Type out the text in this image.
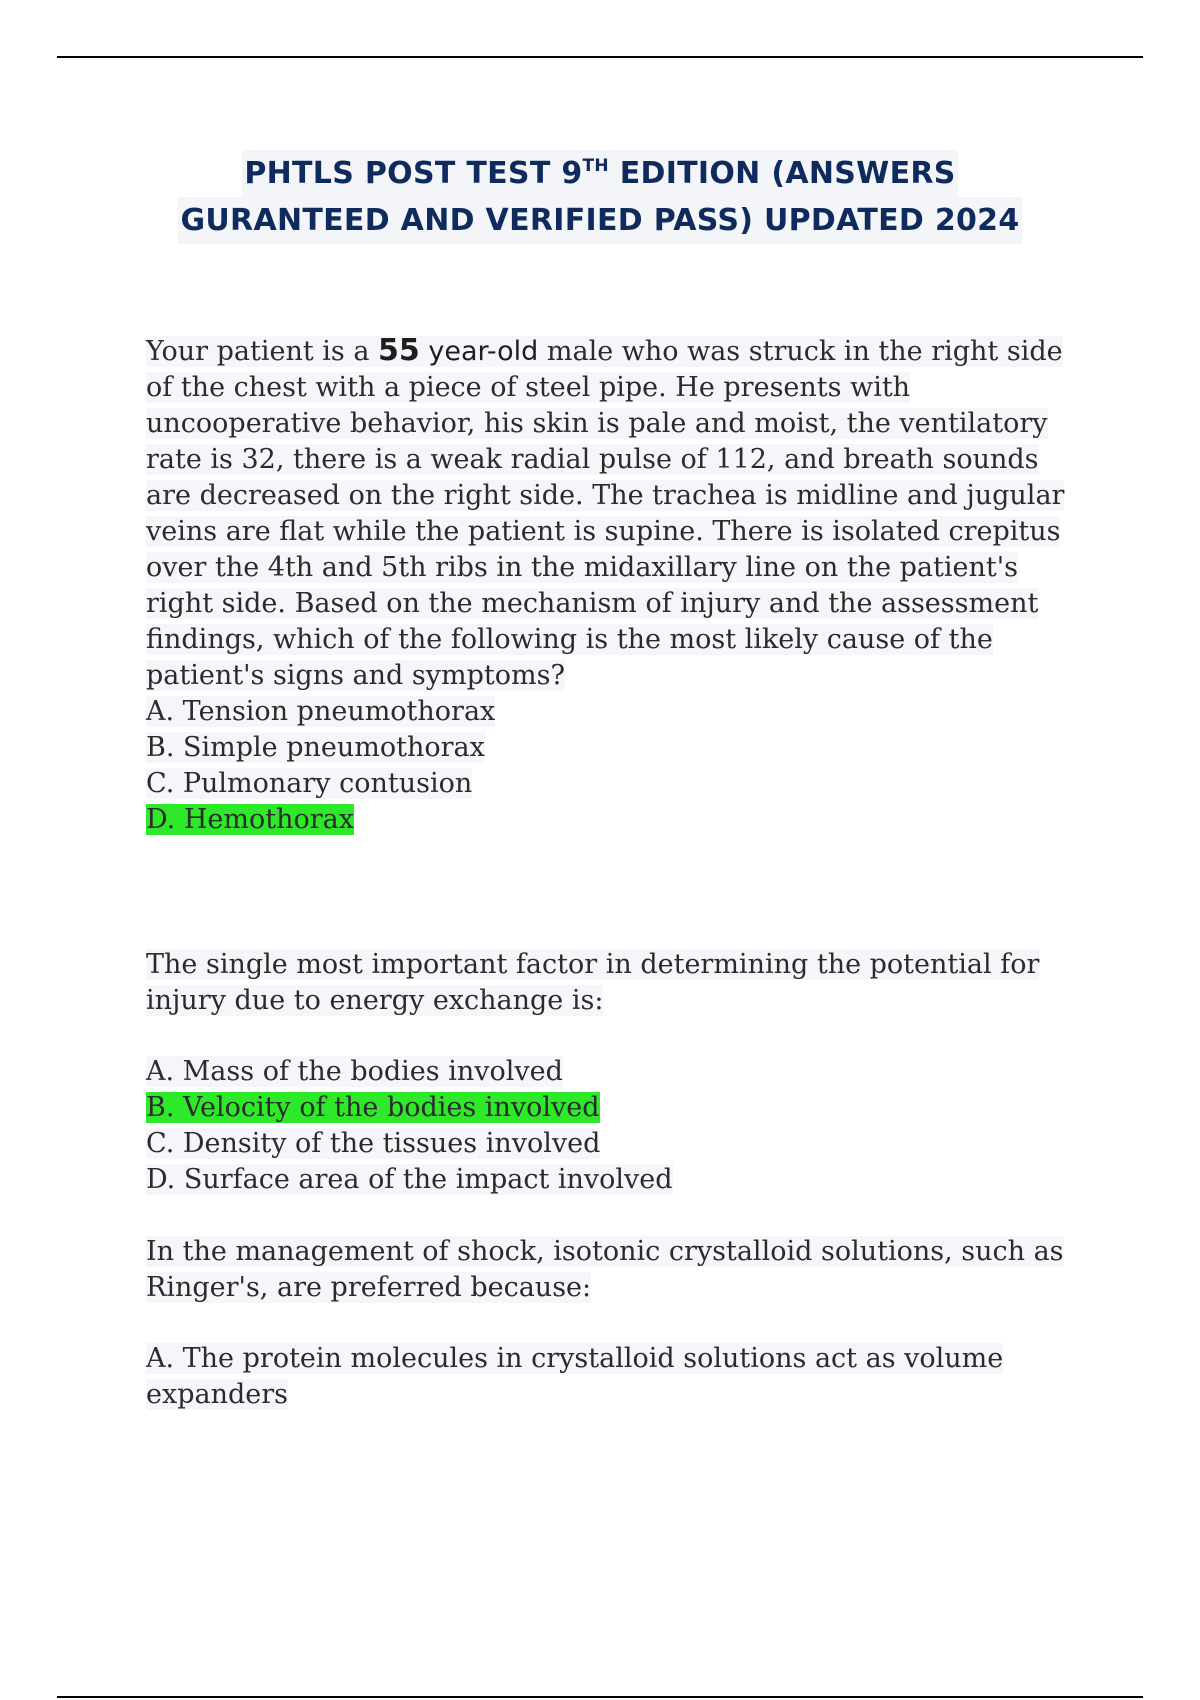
PHTLS POST TEST 9TH EDITION (ANSWERS
GURANTEED AND VERIFIED PASS) UPDATED 2024
Your patient is a 55 year-old male who was struck in the right side of the chest with a piece of steel pipe. He presents with uncooperative behavior, his skin is pale and moist, the ventilatory rate is 32, there is a weak radial pulse of 112, and breath sounds are decreased on the right side. The trachea is midline and jugular veins are flat while the patient is supine. There is isolated crepitus over the 4th and 5th ribs in the midaxillary line on the patient's right side. Based on the mechanism of injury and the assessment findings, which of the following is the most likely cause of the patient's signs and symptoms?
A. Tension pneumothorax
B. Simple pneumothorax
C. Pulmonary contusion
D. Hemothorax
The single most important factor in determining the potential for injury due to energy exchange is:
A. Mass of the bodies involved
B. Velocity of the bodies involved
C. Density of the tissues involved
D. Surface area of the impact involved
In the management of shock, isotonic crystalloid solutions, such as Ringer's, are preferred because:
A. The protein molecules in crystalloid solutions act as volume expanders
